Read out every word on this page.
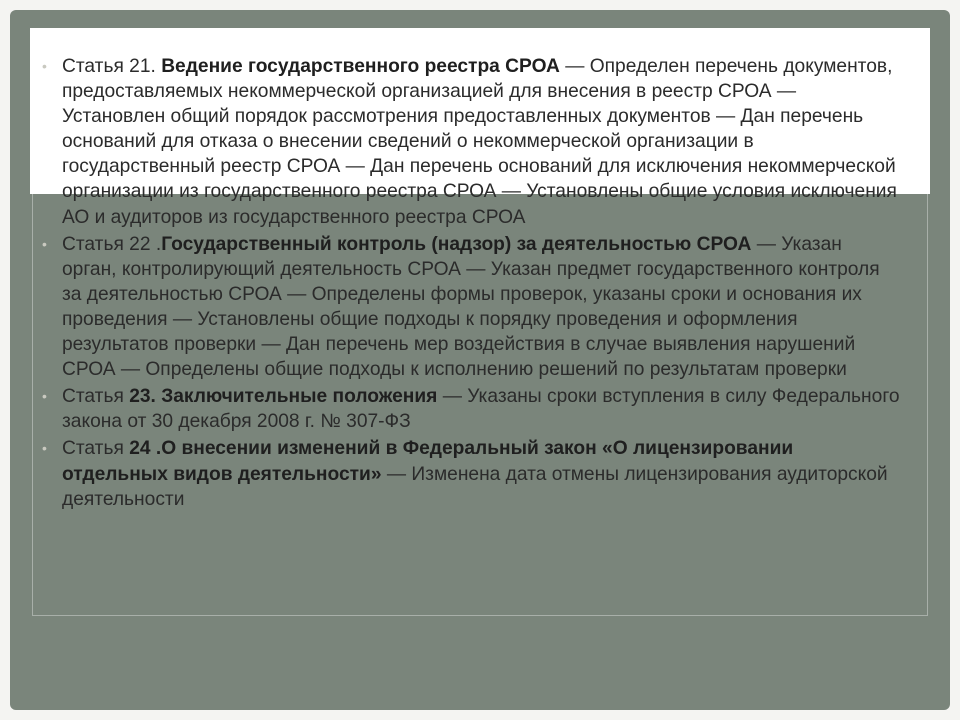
• Статья 21. Ведение государственного реестра СРОА — Определен перечень документов, предоставляемых некоммерческой организацией для внесения в реестр СРОА — Установлен общий порядок рассмотрения предоставленных документов — Дан перечень оснований для отказа о внесении сведений о некоммерческой организации в государственный реестр СРОА — Дан перечень оснований для исключения некоммерческой организации из государственного реестра СРОА — Установлены общие условия исключения АО и аудиторов из государственного реестра СРОА
• Статья 22 .Государственный контроль (надзор) за деятельностью СРОА — Указан орган, контролирующий деятельность СРОА — Указан предмет государственного контроля за деятельностью СРОА — Определены формы проверок, указаны сроки и основания их проведения — Установлены общие подходы к порядку проведения и оформления результатов проверки — Дан перечень мер воздействия в случае выявления нарушений СРОА — Определены общие подходы к исполнению решений по результатам проверки
• Статья 23. Заключительные положения — Указаны сроки вступления в силу Федерального закона от 30 декабря 2008 г. № 307-ФЗ
• Статья 24 .О внесении изменений в Федеральный закон «О лицензировании отдельных видов деятельности» — Изменена дата отмены лицензирования аудиторской деятельности
